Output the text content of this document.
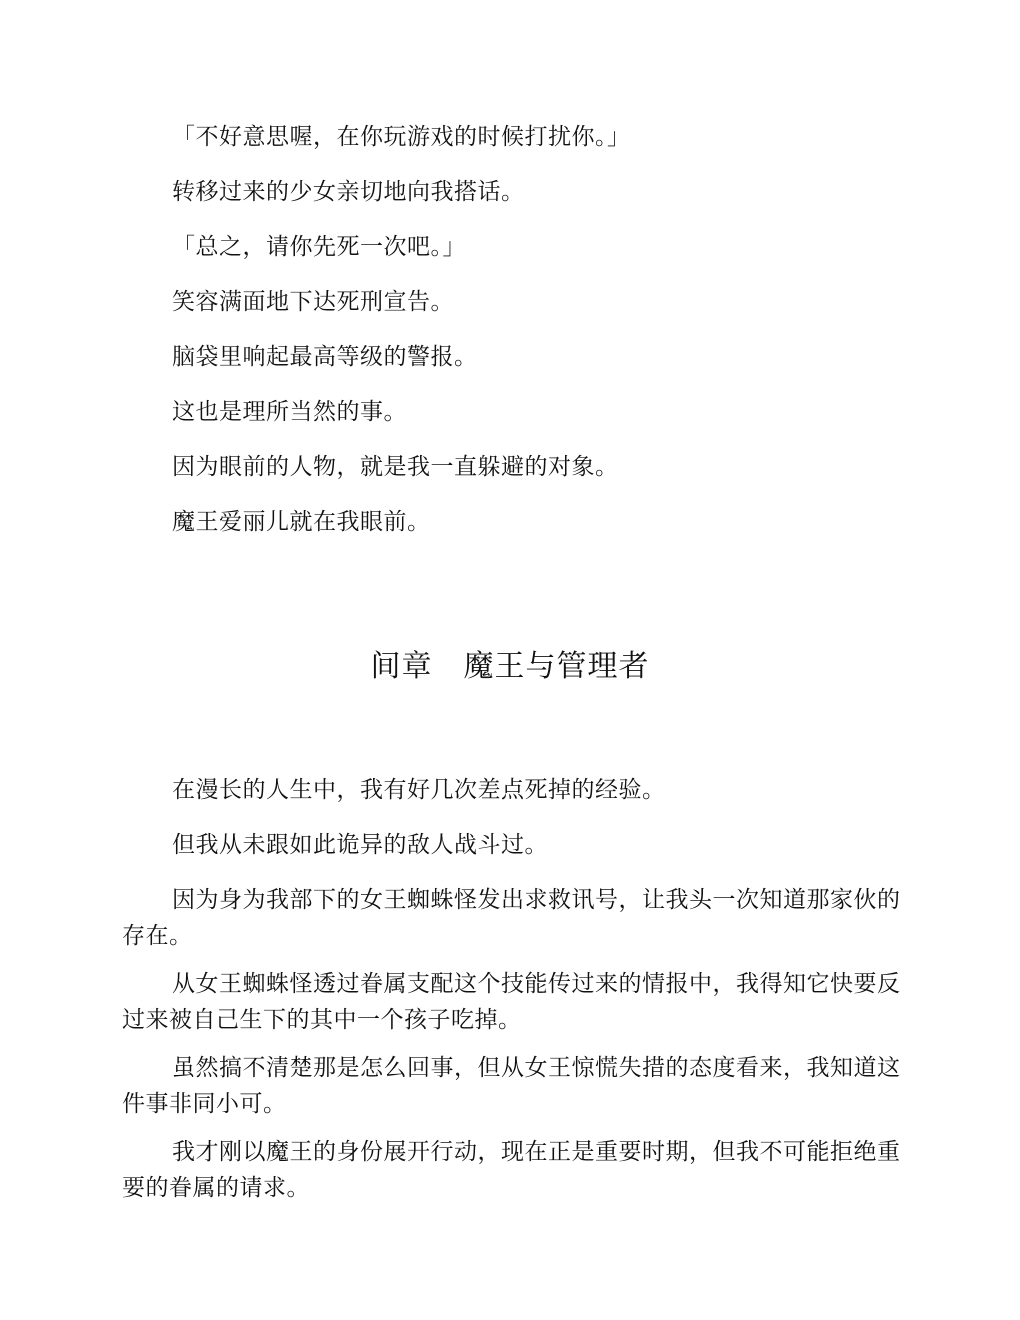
「不好意思喔，在你玩游戏的时候打扰你。」

转移过来的少女亲切地向我搭话。

「总之，请你先死一次吧。」

笑容满面地下达死刑宣告。

脑袋里响起最高等级的警报。

这也是理所当然的事。

因为眼前的人物，就是我一直躲避的对象。

魔王爱丽儿就在我眼前。

间章　魔王与管理者

在漫长的人生中，我有好几次差点死掉的经验。

但我从未跟如此诡异的敌人战斗过。

因为身为我部下的女王蜘蛛怪发出求救讯号，让我头一次知道那家伙的存在。

从女王蜘蛛怪透过眷属支配这个技能传过来的情报中，我得知它快要反过来被自己生下的其中一个孩子吃掉。

虽然搞不清楚那是怎么回事，但从女王惊慌失措的态度看来，我知道这件事非同小可。

我才刚以魔王的身份展开行动，现在正是重要时期，但我不可能拒绝重要的眷属的请求。
